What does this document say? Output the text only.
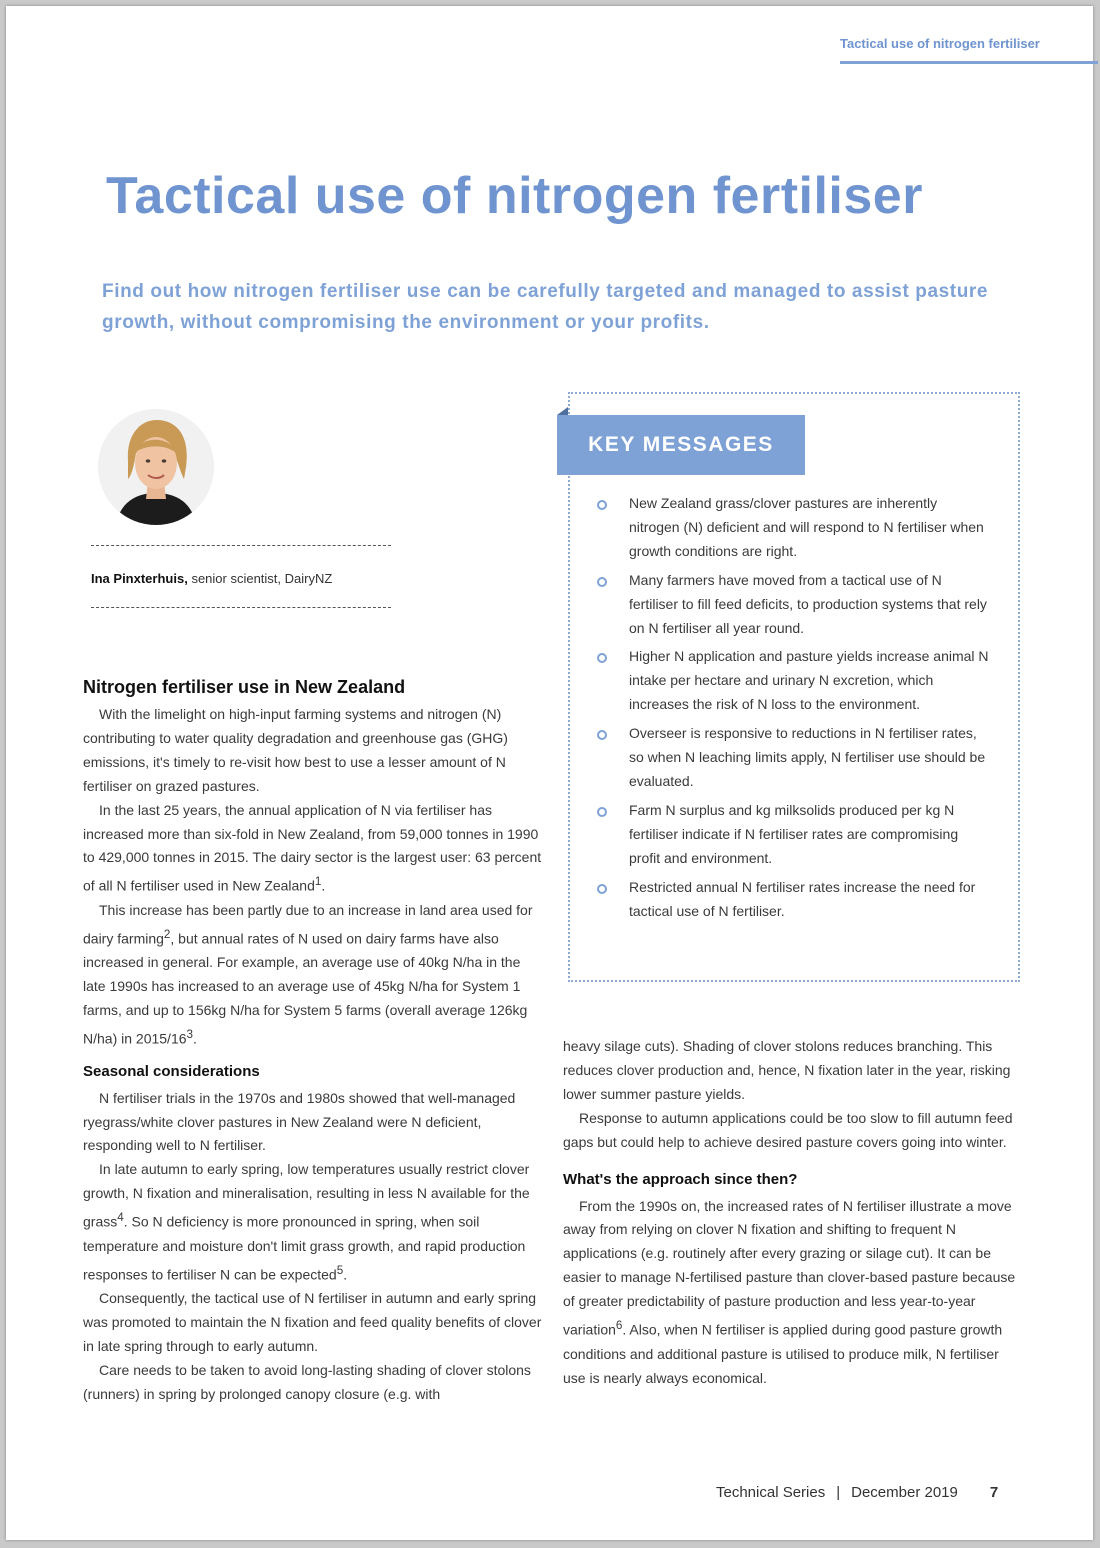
Tactical use of nitrogen fertiliser
Tactical use of nitrogen fertiliser

Find out how nitrogen fertiliser use can be carefully targeted and managed to assist pasture growth, without compromising the environment or your profits.

Ina Pinxterhuis, senior scientist, DairyNZ
KEY MESSAGES
New Zealand grass/clover pastures are inherently nitrogen (N) deficient and will respond to N fertiliser when growth conditions are right.
Many farmers have moved from a tactical use of N fertiliser to fill feed deficits, to production systems that rely on N fertiliser all year round.
Higher N application and pasture yields increase animal N intake per hectare and urinary N excretion, which increases the risk of N loss to the environment.
Overseer is responsive to reductions in N fertiliser rates, so when N leaching limits apply, N fertiliser use should be evaluated.
Farm N surplus and kg milksolids produced per kg N fertiliser indicate if N fertiliser rates are compromising profit and environment.
Restricted annual N fertiliser rates increase the need for tactical use of N fertiliser.
Nitrogen fertiliser use in New Zealand

With the limelight on high-input farming systems and nitrogen (N) contributing to water quality degradation and greenhouse gas (GHG) emissions, it's timely to re-visit how best to use a lesser amount of N fertiliser on grazed pastures.

In the last 25 years, the annual application of N via fertiliser has increased more than six-fold in New Zealand, from 59,000 tonnes in 1990 to 429,000 tonnes in 2015. The dairy sector is the largest user: 63 percent of all N fertiliser used in New Zealand$^1$.

This increase has been partly due to an increase in land area used for dairy farming$^2$, but annual rates of N used on dairy farms have also increased in general. For example, an average use of 40kg N/ha in the late 1990s has increased to an average use of 45kg N/ha for System 1 farms, and up to 156kg N/ha for System 5 farms (overall average 126kg N/ha) in $2015/16^3$.

Seasonal considerations

N fertiliser trials in the 1970s and 1980s showed that well-managed ryegrass/white clover pastures in New Zealand were N deficient, responding well to N fertiliser.

In late autumn to early spring, low temperatures usually restrict clover growth, N fixation and mineralisation, resulting in less N available for the grass$^4$. So N deficiency is more pronounced in spring, when soil temperature and moisture don't limit grass growth, and rapid production responses to fertiliser N can be expected$^5$.

Consequently, the tactical use of N fertiliser in autumn and early spring was promoted to maintain the N fixation and feed quality benefits of clover in late spring through to early autumn.

Care needs to be taken to avoid long-lasting shading of clover stolons (runners) in spring by prolonged canopy closure (e.g. with

heavy silage cuts). Shading of clover stolons reduces branching. This reduces clover production and, hence, N fixation later in the year, risking lower summer pasture yields.

Response to autumn applications could be too slow to fill autumn feed gaps but could help to achieve desired pasture covers going into winter.

What's the approach since then?

From the 1990s on, the increased rates of N fertiliser illustrate a move away from relying on clover N fixation and shifting to frequent N applications (e.g. routinely after every grazing or silage cut). It can be easier to manage N-fertilised pasture than clover-based pasture because of greater predictability of pasture production and less year-to-year variation$^6$. Also, when N fertiliser is applied during good pasture growth conditions and additional pasture is utilised to produce milk, N fertiliser use is nearly always economical.

Technical Series | December 2019 7
